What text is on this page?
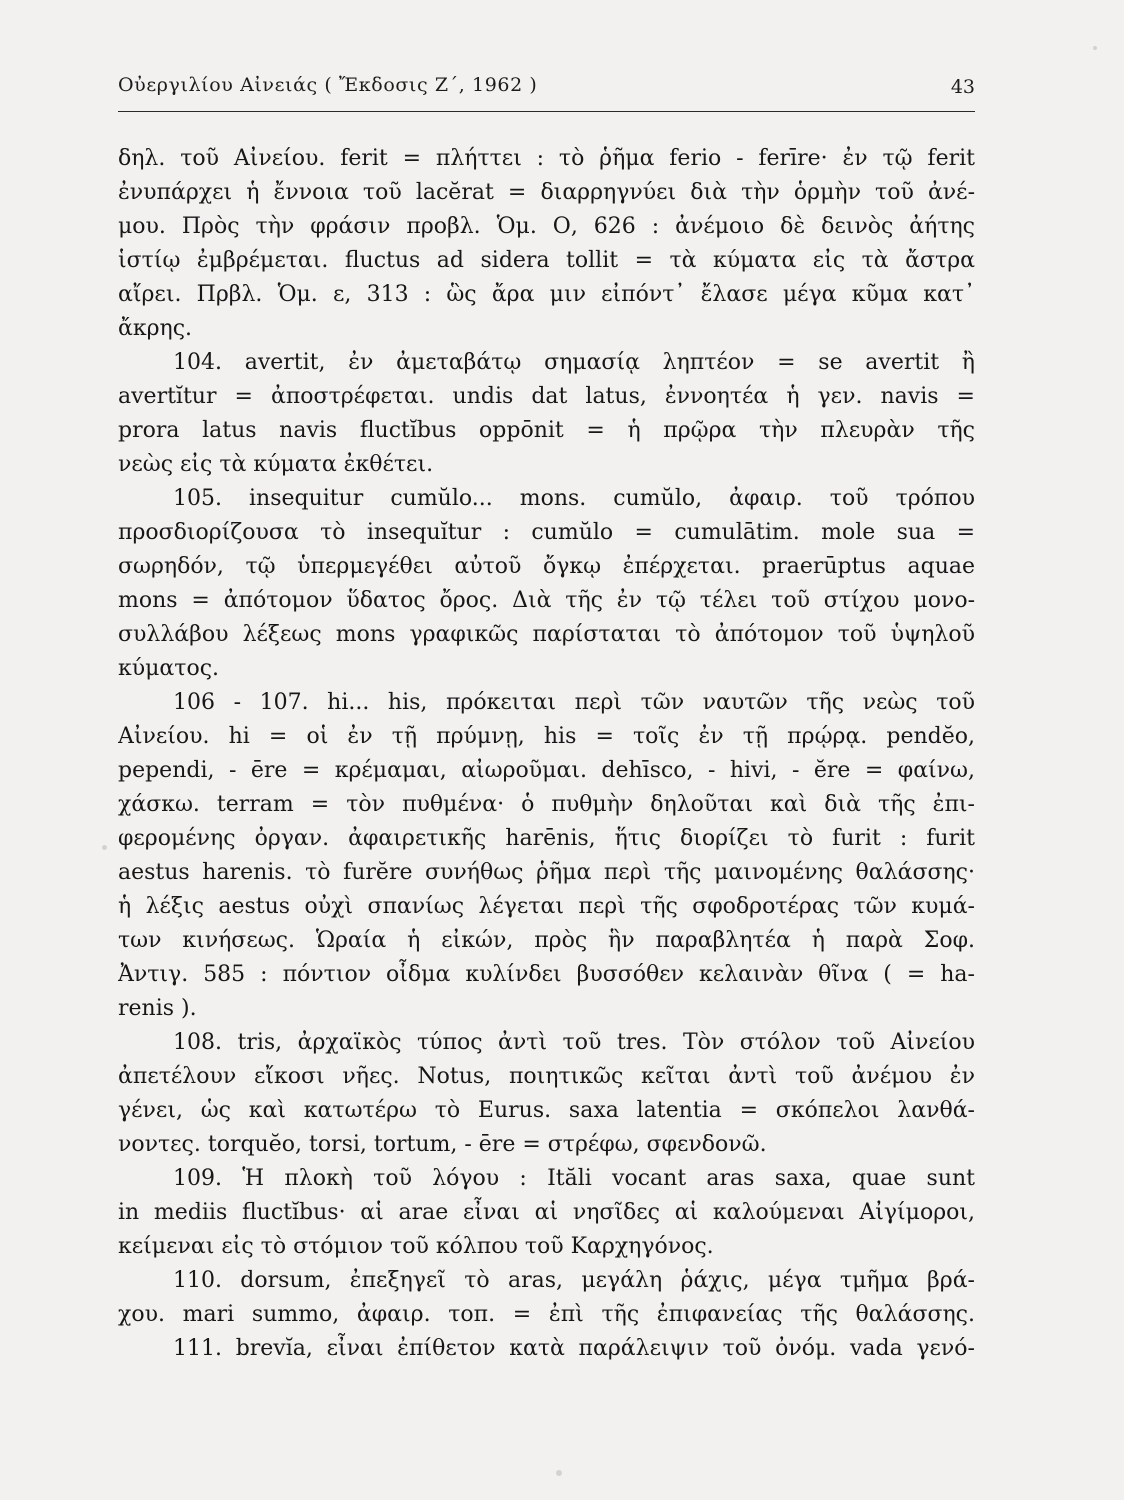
Οὐεργιλίου Αἰνειάς ( Ἔκδοσις Ζ΄, 1962 )	43
δηλ. τοῦ Αἰνείου. ferit = πλήττει : τὸ ῥῆμα ferio - ferīre· ἐν τῷ ferit
ἐνυπάρχει ἡ ἔννοια τοῦ lacĕrat = διαρρηγνύει διὰ τὴν ὁρμὴν τοῦ ἀνέ-
μου. Πρὸς τὴν φράσιν προβλ. Ὁμ. Ο, 626 : ἀνέμοιο δὲ δεινὸς ἀήτης
ἱστίῳ ἐμβρέμεται. fluctus ad sidera tollit = τὰ κύματα εἰς τὰ ἄστρα
αἴρει. Πρβλ. Ὁμ. ε, 313 : ὣς ἄρα μιν εἰπόντ᾽ ἔλασε μέγα κῦμα κατ᾽
ἄκρης.
104. avertit, ἐν ἀμεταβάτῳ σημασίᾳ ληπτέον = se avertit ἢ
avertĭtur = ἀποστρέφεται. undis dat latus, ἐννοητέα ἡ γεν. navis =
prora latus navis fluctĭbus oppōnit = ἡ πρῷρα τὴν πλευρὰν τῆς
νεὼς εἰς τὰ κύματα ἐκθέτει.
105. insequitur cumŭlo... mons. cumŭlo, ἀφαιρ. τοῦ τρόπου
προσδιορίζουσα τὸ insequĭtur : cumŭlo = cumulātim. mole sua =
σωρηδόν, τῷ ὑπερμεγέθει αὐτοῦ ὄγκῳ ἐπέρχεται. praerūptus aquae
mons = ἀπότομον ὕδατος ὄρος. Διὰ τῆς ἐν τῷ τέλει τοῦ στίχου μονο-
συλλάβου λέξεως mons γραφικῶς παρίσταται τὸ ἀπότομον τοῦ ὑψηλοῦ
κύματος.
106 - 107. hi... his, πρόκειται περὶ τῶν ναυτῶν τῆς νεὼς τοῦ
Αἰνείου. hi = οἱ ἐν τῇ πρύμνῃ, his = τοῖς ἐν τῇ πρῴρᾳ. pendĕo,
pependi, - ēre = κρέμαμαι, αἰωροῦμαι. dehīsco, - hivi, - ĕre = φαίνω,
χάσκω. terram = τὸν πυθμένα· ὁ πυθμὴν δηλοῦται καὶ διὰ τῆς ἐπι-
φερομένης ὀργαν. ἀφαιρετικῆς harēnis, ἥτις διορίζει τὸ furit : furit
aestus harenis. τὸ furĕre συνήθως ῥῆμα περὶ τῆς μαινομένης θαλάσσης·
ἡ λέξις aestus οὐχὶ σπανίως λέγεται περὶ τῆς σφοδροτέρας τῶν κυμά-
των κινήσεως. Ὡραία ἡ εἰκών, πρὸς ἣν παραβλητέα ἡ παρὰ Σοφ.
Ἀντιγ. 585 : πόντιον οἶδμα κυλίνδει βυσσόθεν κελαινὰν θῖνα ( = ha-
renis ).
108. tris, ἀρχαϊκὸς τύπος ἀντὶ τοῦ tres. Τὸν στόλον τοῦ Αἰνείου
ἀπετέλουν εἴκοσι νῆες. Notus, ποιητικῶς κεῖται ἀντὶ τοῦ ἀνέμου ἐν
γένει, ὡς καὶ κατωτέρω τὸ Eurus. saxa latentia = σκόπελοι λανθά-
νοντες. torquĕo, torsi, tortum, - ēre = στρέφω, σφενδονῶ.
109. Ἡ πλοκὴ τοῦ λόγου : Ităli vocant aras saxa, quae sunt
in mediis fluctĭbus· αἱ arae εἶναι αἱ νησῖδες αἱ καλούμεναι Αἰγίμοροι,
κείμεναι εἰς τὸ στόμιον τοῦ κόλπου τοῦ Καρχηγόνος.
110. dorsum, ἐπεξηγεῖ τὸ aras, μεγάλη ῥάχις, μέγα τμῆμα βρά-
χου. mari summo, ἀφαιρ. τοπ. = ἐπὶ τῆς ἐπιφανείας τῆς θαλάσσης.
111. brevĭa, εἶναι ἐπίθετον κατὰ παράλειψιν τοῦ ὀνόμ. vada γενό-
